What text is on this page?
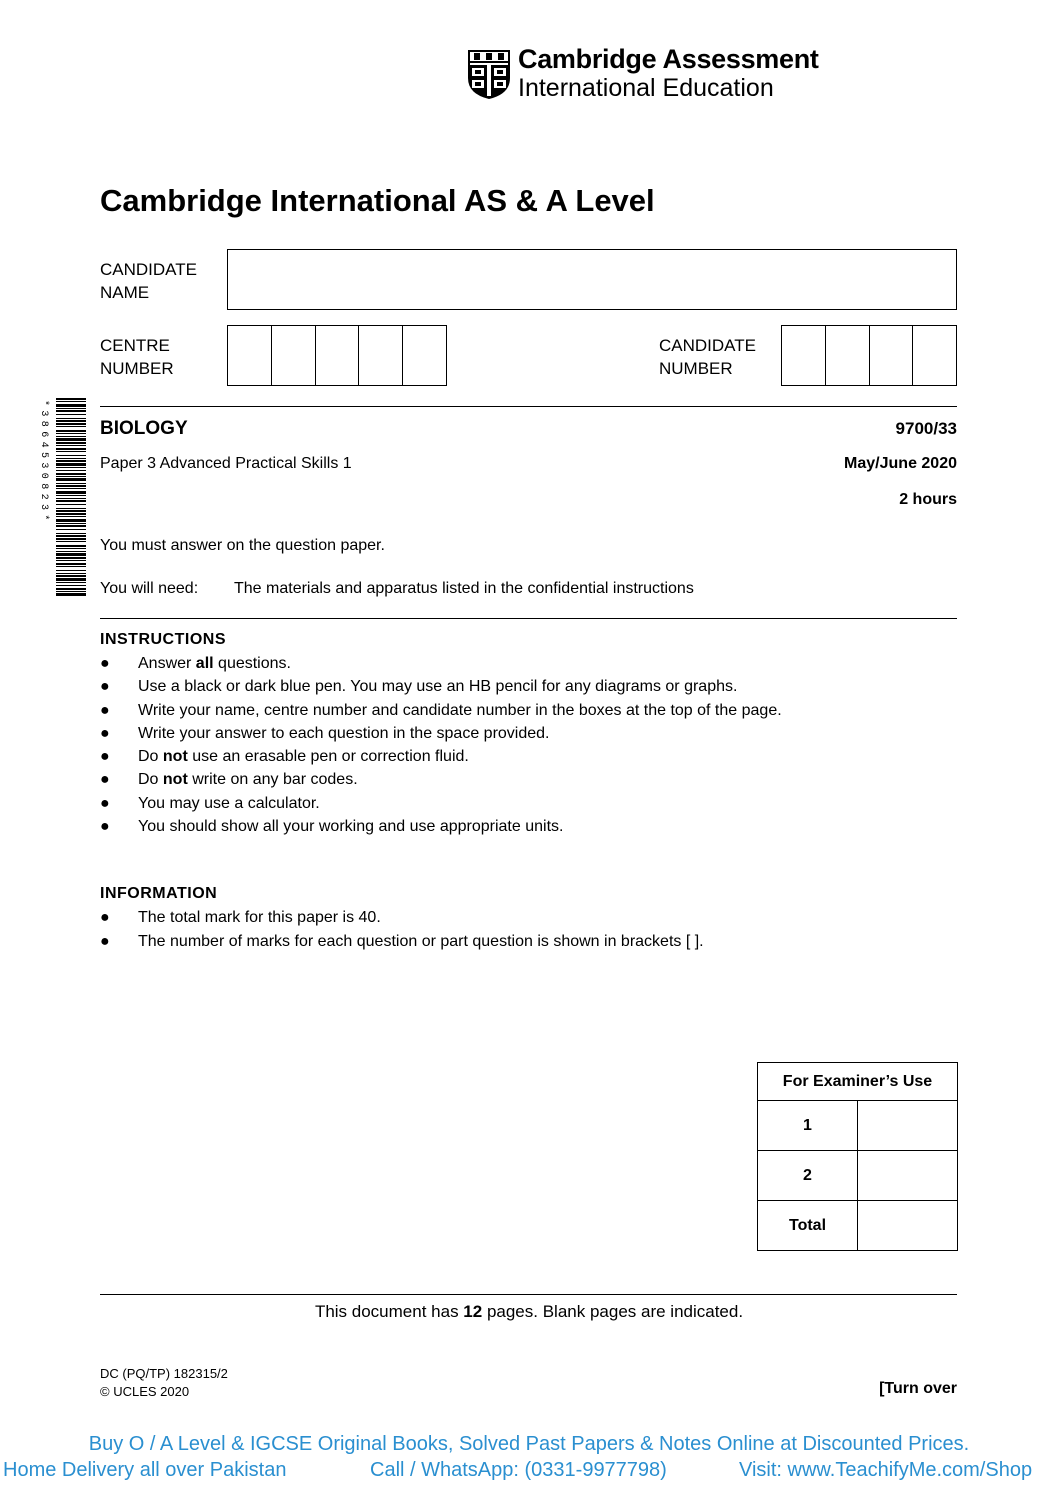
Cambridge Assessment
International Education
Cambridge International AS & A Level
CANDIDATE
NAME
CENTRE
NUMBER
CANDIDATE
NUMBER
*3864530823*	BIOLOGY	9700/33
Paper 3 Advanced Practical Skills 1	May/June 2020
2 hours
You must answer on the question paper.
You will need: The materials and apparatus listed in the confidential instructions
INSTRUCTIONS
● Answer all questions.
● Use a black or dark blue pen. You may use an HB pencil for any diagrams or graphs.
● Write your name, centre number and candidate number in the boxes at the top of the page.
● Write your answer to each question in the space provided.
● Do not use an erasable pen or correction fluid.
● Do not write on any bar codes.
● You may use a calculator.
● You should show all your working and use appropriate units.
INFORMATION
● The total mark for this paper is 40.
● The number of marks for each question or part question is shown in brackets [ ].
For Examiner’s Use	
1	
2	
Total	
This document has 12 pages. Blank pages are indicated.
DC (PQ/TP) 182315/2
© UCLES 2020	[Turn over
Buy O / A Level & IGCSE Original Books, Solved Past Papers & Notes Online at Discounted Prices.
Home Delivery all over Pakistan	Call / WhatsApp: (0331-9977798)	Visit: www.TeachifyMe.com/Shop
